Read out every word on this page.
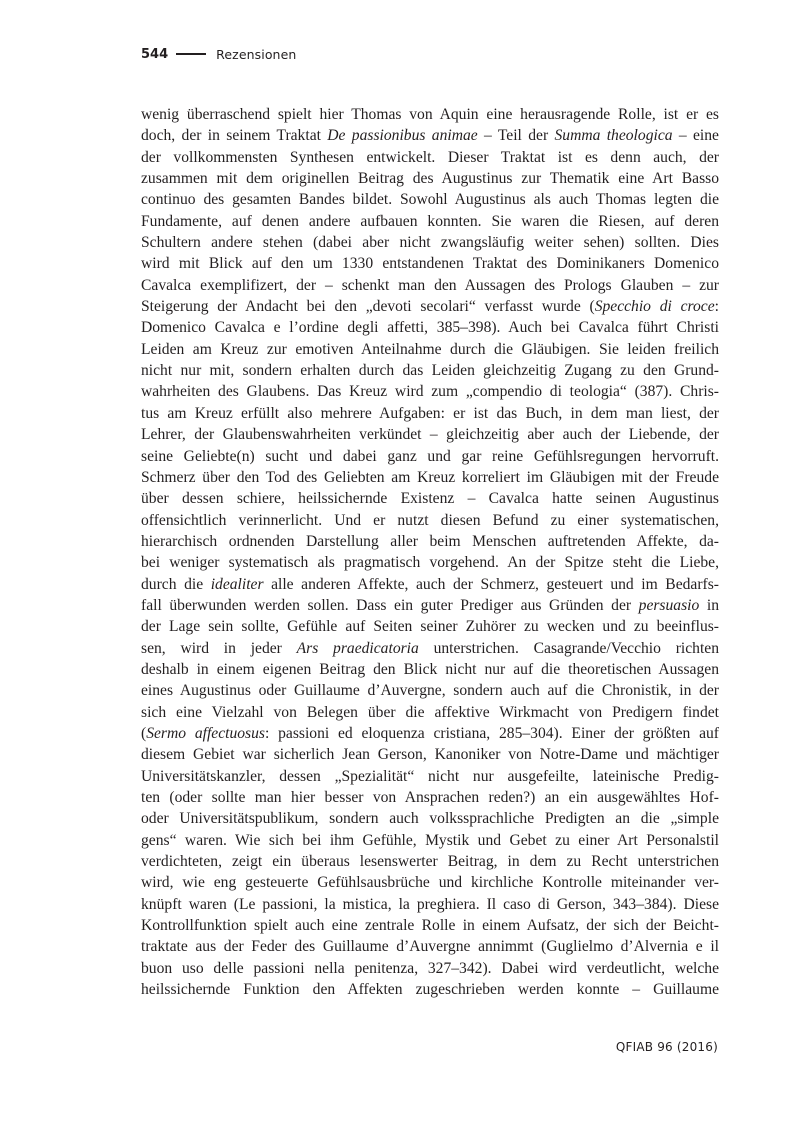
544	Rezensionen
wenig überraschend spielt hier Thomas von Aquin eine herausragende Rolle, ist er es
doch, der in seinem Traktat De passionibus animae – Teil der Summa theologica – eine
der vollkommensten Synthesen entwickelt. Dieser Traktat ist es denn auch, der
zusammen mit dem originellen Beitrag des Augustinus zur Thematik eine Art Basso
continuo des gesamten Bandes bildet. Sowohl Augustinus als auch Thomas legten die
Fundamente, auf denen andere aufbauen konnten. Sie waren die Riesen, auf deren
Schultern andere stehen (dabei aber nicht zwangsläufig weiter sehen) sollten. Dies
wird mit Blick auf den um 1330 entstandenen Traktat des Dominikaners Domenico
Cavalca exemplifizert, der – schenkt man den Aussagen des Prologs Glauben – zur
Steigerung der Andacht bei den „devoti secolari“ verfasst wurde (Specchio di croce:
Domenico Cavalca e l’ordine degli affetti, 385–398). Auch bei Cavalca führt Christi
Leiden am Kreuz zur emotiven Anteilnahme durch die Gläubigen. Sie leiden freilich
nicht nur mit, sondern erhalten durch das Leiden gleichzeitig Zugang zu den Grund-
wahrheiten des Glaubens. Das Kreuz wird zum „compendio di teologia“ (387). Chris-
tus am Kreuz erfüllt also mehrere Aufgaben: er ist das Buch, in dem man liest, der
Lehrer, der Glaubenswahrheiten verkündet – gleichzeitig aber auch der Liebende, der
seine Geliebte(n) sucht und dabei ganz und gar reine Gefühlsregungen hervorruft.
Schmerz über den Tod des Geliebten am Kreuz korreliert im Gläubigen mit der Freude
über dessen schiere, heilssichernde Existenz – Cavalca hatte seinen Augustinus
offensichtlich verinnerlicht. Und er nutzt diesen Befund zu einer systematischen,
hierarchisch ordnenden Darstellung aller beim Menschen auftretenden Affekte, da-
bei weniger systematisch als pragmatisch vorgehend. An der Spitze steht die Liebe,
durch die idealiter alle anderen Affekte, auch der Schmerz, gesteuert und im Bedarfs-
fall überwunden werden sollen. Dass ein guter Prediger aus Gründen der persuasio in
der Lage sein sollte, Gefühle auf Seiten seiner Zuhörer zu wecken und zu beeinflus-
sen, wird in jeder Ars praedicatoria unterstrichen. Casagrande/Vecchio richten
deshalb in einem eigenen Beitrag den Blick nicht nur auf die theoretischen Aussagen
eines Augustinus oder Guillaume d’Auvergne, sondern auch auf die Chronistik, in der
sich eine Vielzahl von Belegen über die affektive Wirkmacht von Predigern findet
(Sermo affectuosus: passioni ed eloquenza cristiana, 285–304). Einer der größten auf
diesem Gebiet war sicherlich Jean Gerson, Kanoniker von Notre-Dame und mächtiger
Universitätskanzler, dessen „Spezialität“ nicht nur ausgefeilte, lateinische Predig-
ten (oder sollte man hier besser von Ansprachen reden?) an ein ausgewähltes Hof-
oder Universitätspublikum, sondern auch volkssprachliche Predigten an die „simple
gens“ waren. Wie sich bei ihm Gefühle, Mystik und Gebet zu einer Art Personalstil
verdichteten, zeigt ein überaus lesenswerter Beitrag, in dem zu Recht unterstrichen
wird, wie eng gesteuerte Gefühlsausbrüche und kirchliche Kontrolle miteinander ver-
knüpft waren (Le passioni, la mistica, la preghiera. Il caso di Gerson, 343–384). Diese
Kontrollfunktion spielt auch eine zentrale Rolle in einem Aufsatz, der sich der Beicht-
traktate aus der Feder des Guillaume d’Auvergne annimmt (Guglielmo d’Alvernia e il
buon uso delle passioni nella penitenza, 327–342). Dabei wird verdeutlicht, welche
heilssichernde Funktion den Affekten zugeschrieben werden konnte – Guillaume
QFIAB 96 (2016)
